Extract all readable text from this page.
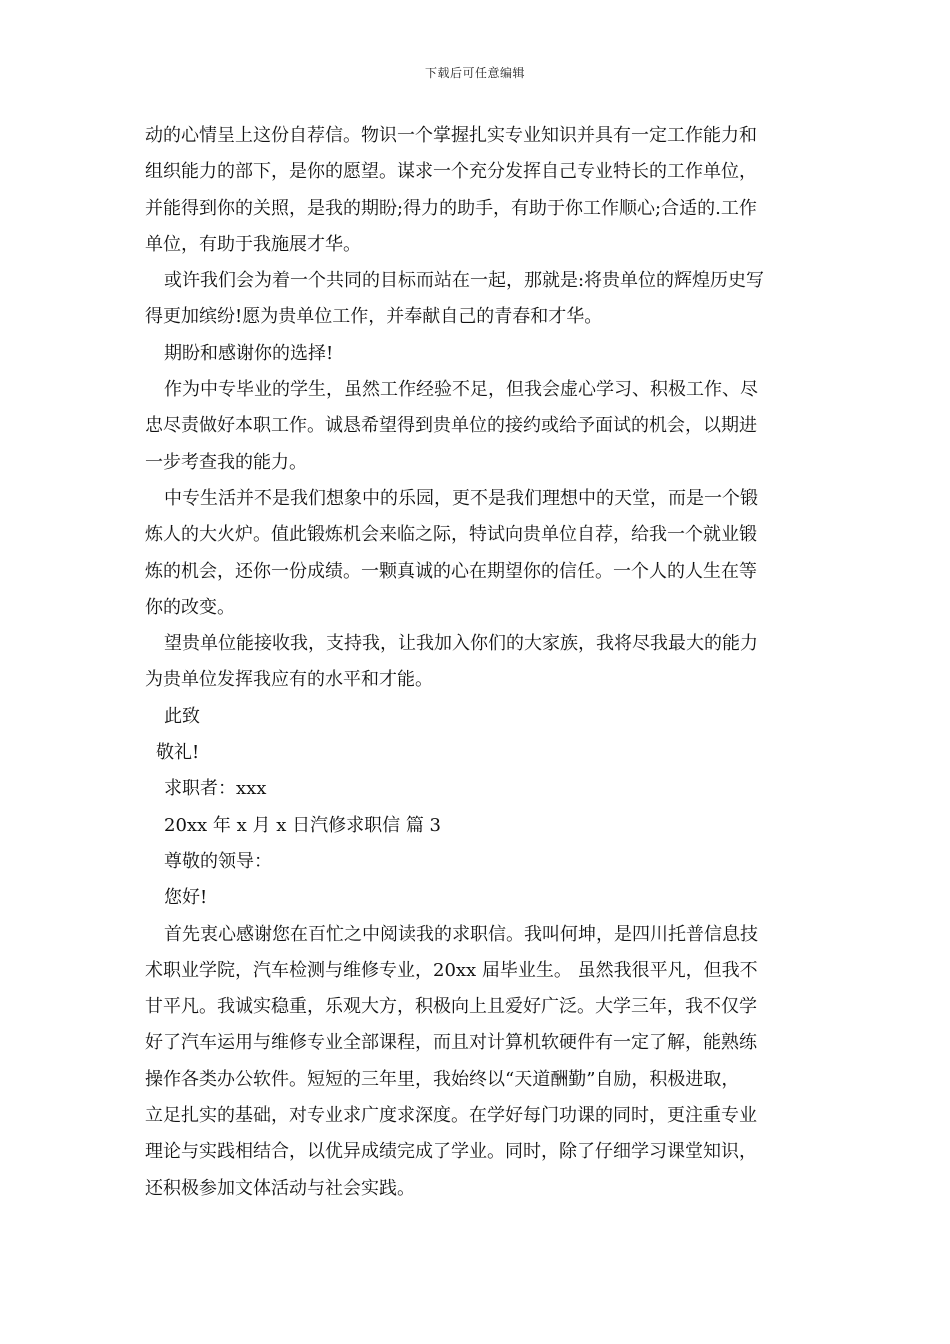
下载后可任意编辑
动的心情呈上这份自荐信。物识一个掌握扎实专业知识并具有一定工作能力和
组织能力的部下，是你的愿望。谋求一个充分发挥自己专业特长的工作单位，
并能得到你的关照，是我的期盼;得力的助手，有助于你工作顺心;合适的.工作
单位，有助于我施展才华。
或许我们会为着一个共同的目标而站在一起，那就是:将贵单位的辉煌历史写
得更加缤纷!愿为贵单位工作，并奉献自己的青春和才华。
期盼和感谢你的选择!
作为中专毕业的学生，虽然工作经验不足，但我会虚心学习、积极工作、尽
忠尽责做好本职工作。诚恳希望得到贵单位的接约或给予面试的机会，以期进
一步考查我的能力。
中专生活并不是我们想象中的乐园，更不是我们理想中的天堂，而是一个锻
炼人的大火炉。值此锻炼机会来临之际，特试向贵单位自荐，给我一个就业锻
炼的机会，还你一份成绩。一颗真诚的心在期望你的信任。一个人的人生在等
你的改变。
望贵单位能接收我，支持我，让我加入你们的大家族，我将尽我最大的能力
为贵单位发挥我应有的水平和才能。
此致
敬礼!
求职者：xxx
20xx 年 x 月 x 日汽修求职信 篇 3
尊敬的领导：
您好!
首先衷心感谢您在百忙之中阅读我的求职信。我叫何坤，是四川托普信息技
术职业学院，汽车检测与维修专业，20xx 届毕业生。 虽然我很平凡，但我不
甘平凡。我诚实稳重，乐观大方，积极向上且爱好广泛。大学三年，我不仅学
好了汽车运用与维修专业全部课程，而且对计算机软硬件有一定了解，能熟练
操作各类办公软件。短短的三年里，我始终以“天道酬勤”自励，积极进取，
立足扎实的基础，对专业求广度求深度。在学好每门功课的同时，更注重专业
理论与实践相结合，以优异成绩完成了学业。同时，除了仔细学习课堂知识，
还积极参加文体活动与社会实践。
